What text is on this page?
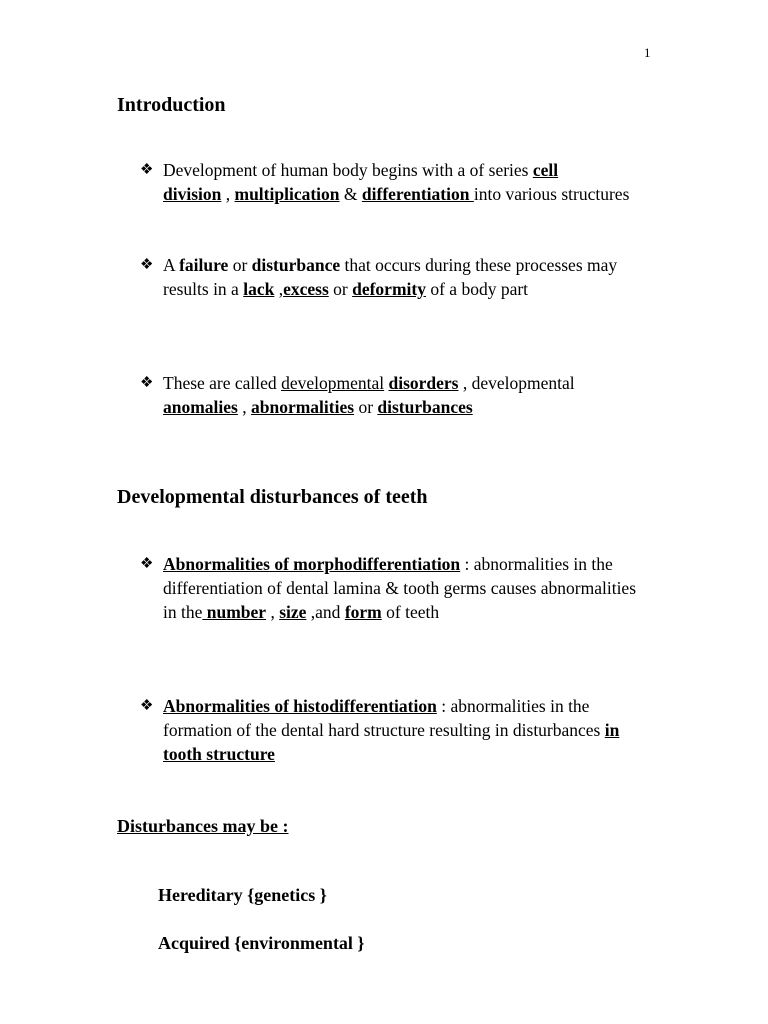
1
Introduction
❖ Development of human body begins with a of series cell
division , multiplication & differentiation into various structures
❖ A failure or disturbance that occurs during these processes may results in a lack ,excess or deformity of a body part
❖ These are called developmental disorders , developmental anomalies , abnormalities or disturbances
Developmental disturbances of teeth
❖ Abnormalities of morphodifferentiation : abnormalities in the differentiation of dental lamina & tooth germs causes abnormalities in the number , size ,and form of teeth
❖ Abnormalities of histodifferentiation : abnormalities in the formation of the dental hard structure resulting in disturbances in tooth structure
Disturbances may be :
Hereditary {genetics }
Acquired {environmental }
